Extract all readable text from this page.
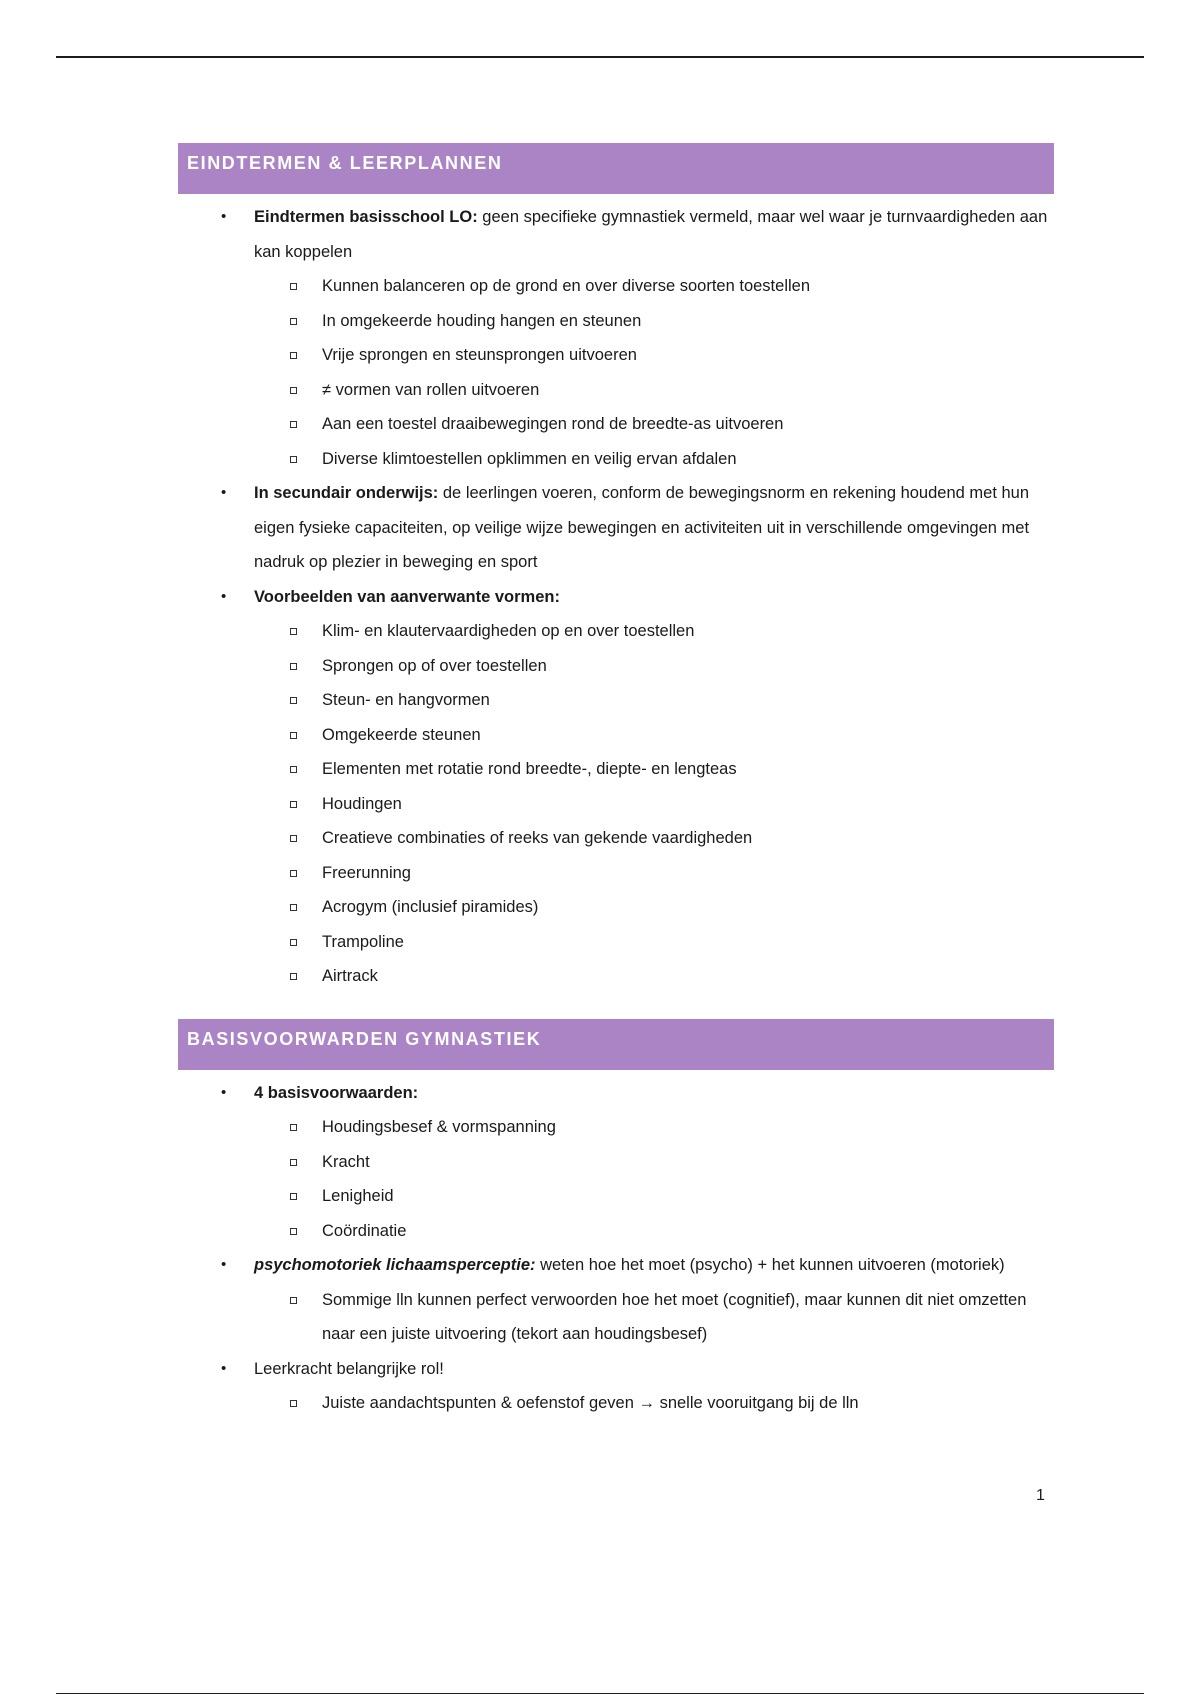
EINDTERMEN & LEERPLANNEN
• Eindtermen basisschool LO: geen specifieke gymnastiek vermeld, maar wel waar je turnvaardigheden aan kan koppelen
Kunnen balanceren op de grond en over diverse soorten toestellen
In omgekeerde houding hangen en steunen
Vrije sprongen en steunsprongen uitvoeren
≠ vormen van rollen uitvoeren
Aan een toestel draaibewegingen rond de breedte-as uitvoeren
Diverse klimtoestellen opklimmen en veilig ervan afdalen
• In secundair onderwijs: de leerlingen voeren, conform de bewegingsnorm en rekening houdend met hun eigen fysieke capaciteiten, op veilige wijze bewegingen en activiteiten uit in verschillende omgevingen met nadruk op plezier in beweging en sport
• Voorbeelden van aanverwante vormen:
Klim- en klautervaardigheden op en over toestellen
Sprongen op of over toestellen
Steun- en hangvormen
Omgekeerde steunen
Elementen met rotatie rond breedte-, diepte- en lengteas
Houdingen
Creatieve combinaties of reeks van gekende vaardigheden
Freerunning
Acrogym (inclusief piramides)
Trampoline
Airtrack
BASISVOORWARDEN GYMNASTIEK
• 4 basisvoorwaarden:
Houdingsbesef & vormspanning
Kracht
Lenigheid
Coördinatie
• psychomotoriek lichaamsperceptie: weten hoe het moet (psycho) + het kunnen uitvoeren (motoriek)
Sommige lln kunnen perfect verwoorden hoe het moet (cognitief), maar kunnen dit niet omzetten naar een juiste uitvoering (tekort aan houdingsbesef)
• Leerkracht belangrijke rol!
Juiste aandachtspunten & oefenstof geven → snelle vooruitgang bij de lln
1
